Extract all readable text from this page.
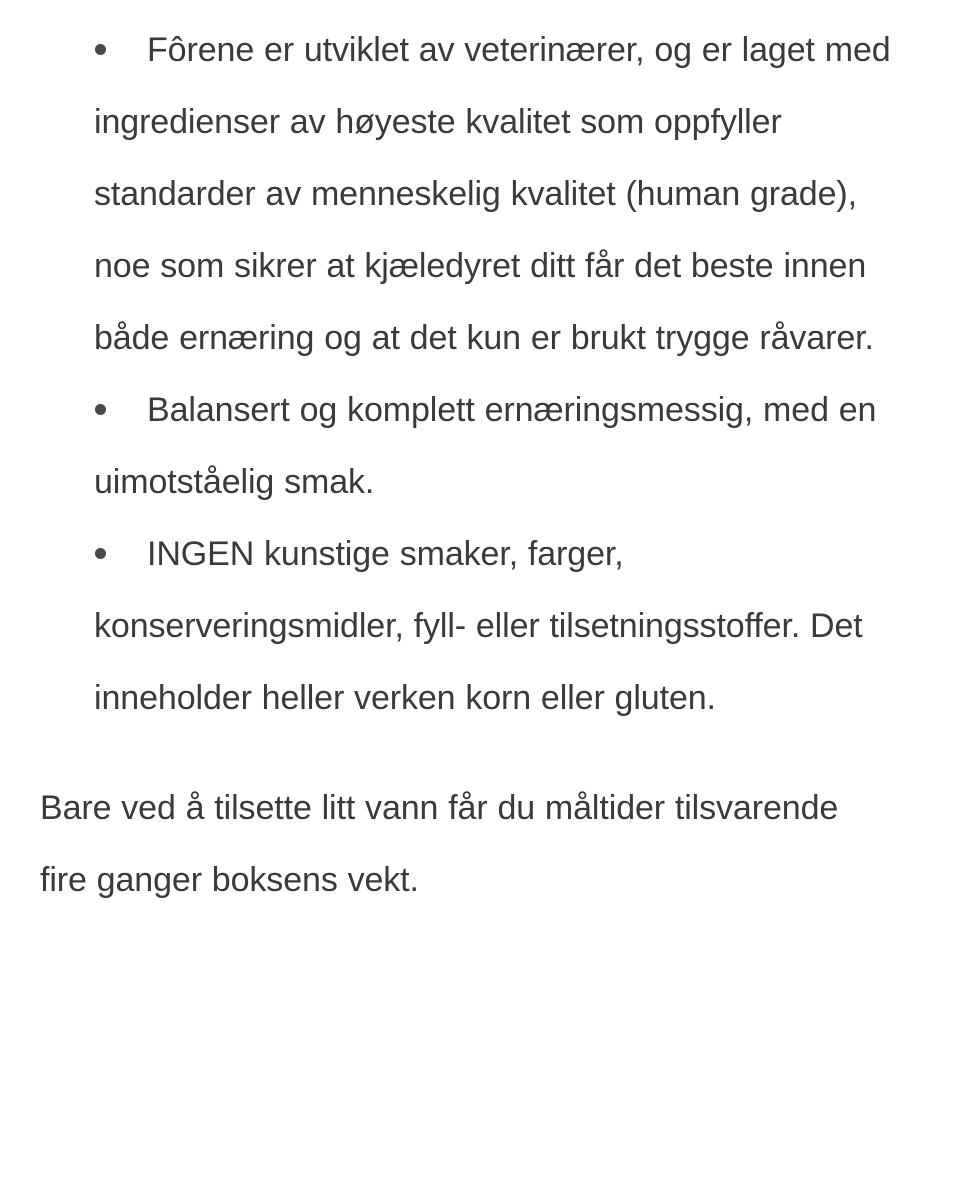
Fôrene er utviklet av veterinærer, og er laget med ingredienser av høyeste kvalitet som oppfyller standarder av menneskelig kvalitet (human grade), noe som sikrer at kjæledyret ditt får det beste innen både ernæring og at det kun er brukt trygge råvarer.
Balansert og komplett ernæringsmessig, med en uimotståelig smak.
INGEN kunstige smaker, farger, konserveringsmidler, fyll- eller tilsetningsstoffer. Det inneholder heller verken korn eller gluten.

Bare ved å tilsette litt vann får du måltider tilsvarende fire ganger boksens vekt.
